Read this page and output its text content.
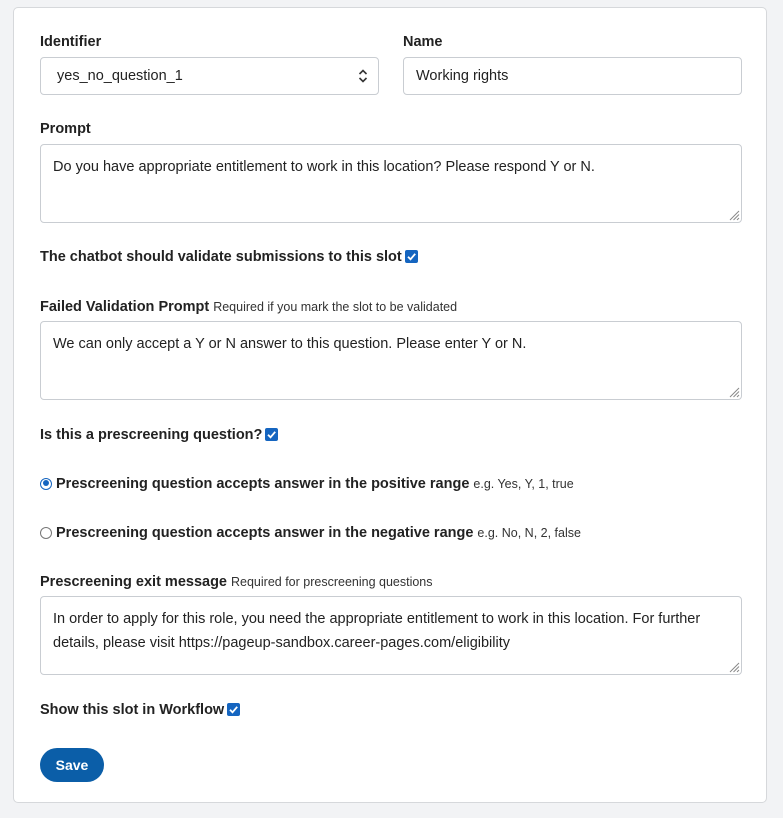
Identifier
yes_no_question_1
Name
Working rights
Prompt
Do you have appropriate entitlement to work in this location? Please respond Y or N.
The chatbot should validate submissions to this slot
Failed Validation Prompt Required if you mark the slot to be validated
We can only accept a Y or N answer to this question. Please enter Y or N.
Is this a prescreening question?
Prescreening question accepts answer in the positive range e.g. Yes, Y, 1, true
Prescreening question accepts answer in the negative range e.g. No, N, 2, false
Prescreening exit message Required for prescreening questions
In order to apply for this role, you need the appropriate entitlement to work in this location. For further details, please visit https://pageup-sandbox.career-pages.com/eligibility
Show this slot in Workflow
Save
